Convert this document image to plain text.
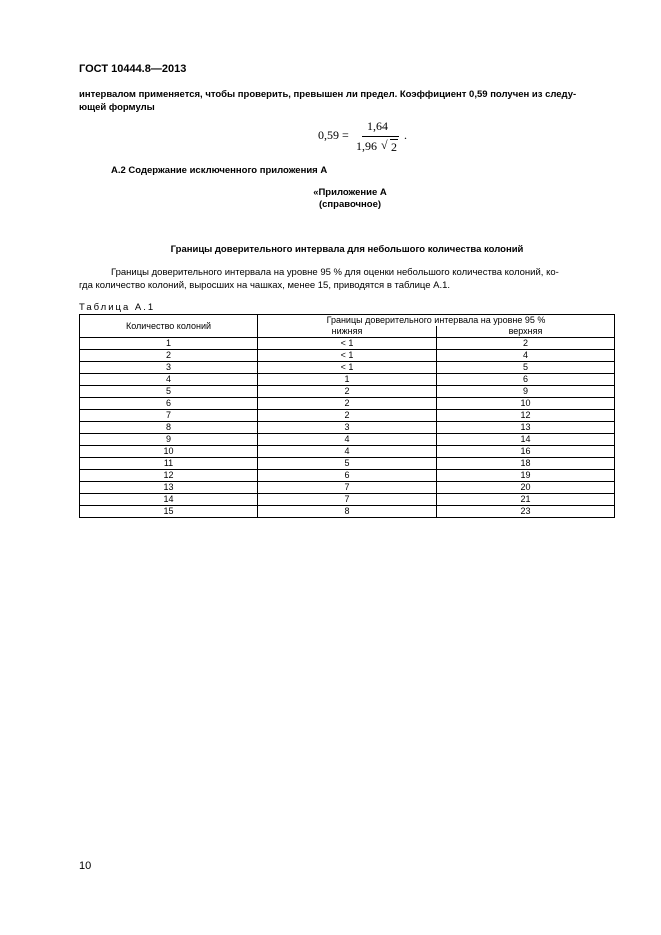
ГОСТ 10444.8—2013
интервалом применяется, чтобы проверить, превышен ли предел. Коэффициент 0,59 получен из следу-
ющей формулы
0,59 =
1,64
1,96 √ 2
.
А.2 Содержание исключенного приложения А
«Приложение А
(справочное)
Границы доверительного интервала для небольшого количества колоний
Границы доверительного интервала на уровне 95 % для оценки небольшого количества колоний, ко-
гда количество колоний, выросших на чашках, менее 15, приводятся в таблице А.1.
Таблица А.1
Количество колоний	Границы доверительного интервала на уровне 95 %	
	нижняя	верхняя
1	< 1	2
2	< 1	4
3	< 1	5
4	1	6
5	2	9
6	2	10
7	2	12
8	3	13
9	4	14
10	4	16
11	5	18
12	6	19
13	7	20
14	7	21
15	8	23
10
